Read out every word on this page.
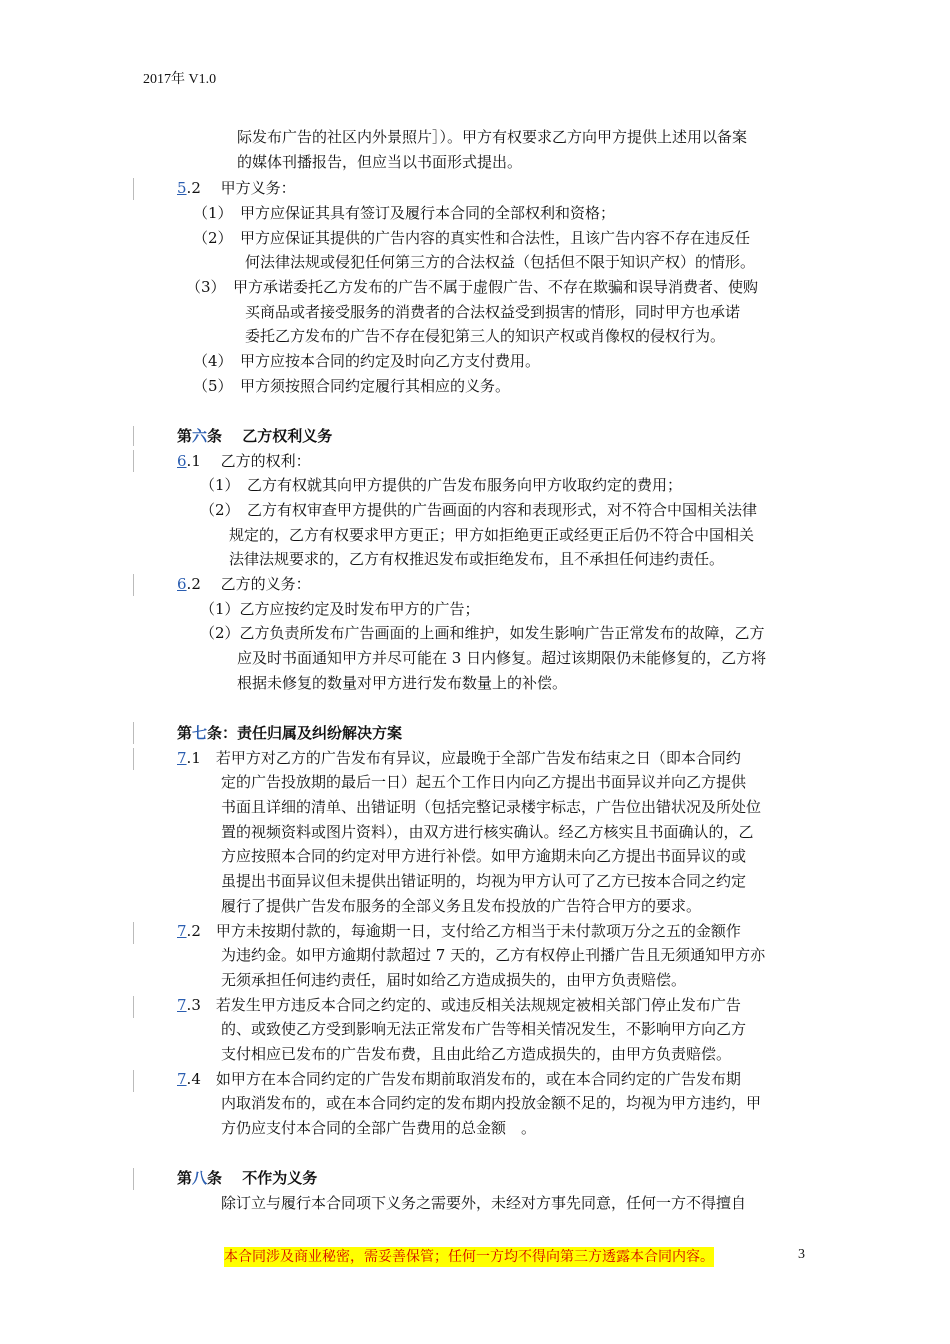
2017年 V1.0
际发布广告的社区内外景照片］）。甲方有权要求乙方向甲方提供上述用以备案
的媒体刊播报告，但应当以书面形式提出。
5.2　 甲方义务：
（1）　甲方应保证其具有签订及履行本合同的全部权利和资格；
（2）　甲方应保证其提供的广告内容的真实性和合法性，且该广告内容不存在违反任
何法律法规或侵犯任何第三方的合法权益（包括但不限于知识产权）的情形。
（3）　甲方承诺委托乙方发布的广告不属于虚假广告、不存在欺骗和误导消费者、使购
买商品或者接受服务的消费者的合法权益受到损害的情形，同时甲方也承诺
委托乙方发布的广告不存在侵犯第三人的知识产权或肖像权的侵权行为。
（4）　甲方应按本合同的约定及时向乙方支付费用。
（5）　甲方须按照合同约定履行其相应的义务。
第六条　 乙方权利义务
6.1　 乙方的权利：
（1）　乙方有权就其向甲方提供的广告发布服务向甲方收取约定的费用；
（2）　乙方有权审查甲方提供的广告画面的内容和表现形式，对不符合中国相关法律
规定的，乙方有权要求甲方更正；甲方如拒绝更正或经更正后仍不符合中国相关
法律法规要求的，乙方有权推迟发布或拒绝发布，且不承担任何违约责任。
6.2　 乙方的义务：
（1）乙方应按约定及时发布甲方的广告；
（2）乙方负责所发布广告画面的上画和维护，如发生影响广告正常发布的故障，乙方
应及时书面通知甲方并尽可能在 3 日内修复。超过该期限仍未能修复的，乙方将
根据未修复的数量对甲方进行发布数量上的补偿。
第七条：责任归属及纠纷解决方案
7.1　若甲方对乙方的广告发布有异议，应最晚于全部广告发布结束之日（即本合同约
定的广告投放期的最后一日）起五个工作日内向乙方提出书面异议并向乙方提供
书面且详细的清单、出错证明（包括完整记录楼宇标志，广告位出错状况及所处位
置的视频资料或图片资料），由双方进行核实确认。经乙方核实且书面确认的，乙
方应按照本合同的约定对甲方进行补偿。如甲方逾期未向乙方提出书面异议的或
虽提出书面异议但未提供出错证明的，均视为甲方认可了乙方已按本合同之约定
履行了提供广告发布服务的全部义务且发布投放的广告符合甲方的要求。
7.2　甲方未按期付款的，每逾期一日，支付给乙方相当于未付款项万分之五的金额作
为违约金。如甲方逾期付款超过 7 天的，乙方有权停止刊播广告且无须通知甲方亦
无须承担任何违约责任，届时如给乙方造成损失的，由甲方负责赔偿。
7.3　若发生甲方违反本合同之约定的、或违反相关法规规定被相关部门停止发布广告
的、或致使乙方受到影响无法正常发布广告等相关情况发生，不影响甲方向乙方
支付相应已发布的广告发布费，且由此给乙方造成损失的，由甲方负责赔偿。
7.4　如甲方在本合同约定的广告发布期前取消发布的，或在本合同约定的广告发布期
内取消发布的，或在本合同约定的发布期内投放金额不足的，均视为甲方违约，甲
方仍应支付本合同的全部广告费用的总金额　。
第八条　 不作为义务
除订立与履行本合同项下义务之需要外，未经对方事先同意，任何一方不得擅自
本合同涉及商业秘密，需妥善保管；任何一方均不得向第三方透露本合同内容。	3
